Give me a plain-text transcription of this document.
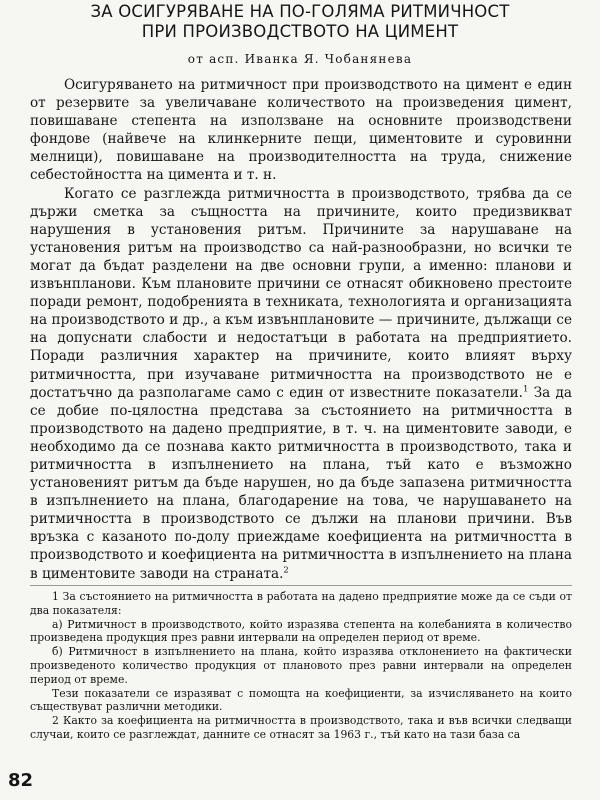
ЗА ОСИГУРЯВАНЕ НА ПО-ГОЛЯМА РИТМИЧНОСТ
ПРИ ПРОИЗВОДСТВОТО НА ЦИМЕНТ
от асп. Иванка Я. Чобанянева

Осигуряването на ритмичност при производството на цимент е един от резервите за увеличаване количеството на произведения цимент, повишаване степента на използване на основните производствени фондове (найвече на клинкерните пещи, циментовите и суровинни мелници), повишаване на производителността на труда, снижение себестойността на цимента и т. н.

Когато се разглежда ритмичността в производството, трябва да се държи сметка за същността на причините, които предизвикват нарушения в установения ритъм. Причините за нарушаване на установения ритъм на производство са най-разнообразни, но всички те могат да бъдат разделени на две основни групи, а именно: планови и извънпланови. Към плановите причини се отнасят обикновено престоите поради ремонт, подобренията в техниката, технологията и организацията на производството и др., а към извънплановите — причините, дължащи се на допуснати слабости и недостатъци в работата на предприятието. Поради различния характер на причините, които влияят върху ритмичността, при изучаване ритмичността на производството не е достатъчно да разполагаме само с един от известните показатели.$^1$ За да се добие по-цялостна представа за състоянието на ритмичността в производството на дадено предприятие, в т. ч. на циментовите заводи, е необходимо да се познава както ритмичността в производството, така и ритмичността в изпълнението на плана, тъй като е възможно установеният ритъм да бъде нарушен, но да бъде запазена ритмичността в изпълнението на плана, благодарение на това, че нарушаването на ритмичността в производството се дължи на планови причини. Във връзка с казаното по-долу приеждаме коефициента на ритмичността в производството и коефициента на ритмичността в изпълнението на плана в циментовите заводи на страната.$^2$

1 За състоянието на ритмичността в работата на дадено предприятие може да се съди от два показателя:

а) Ритмичност в производството, който изразява степента на колебанията в количество произведена продукция през равни интервали на определен период от време.

б) Ритмичност в изпълнението на плана, който изразява отклонението на фактически произведеното количество продукция от плановото през равни интервали на определен период от време.

Тези показатели се изразяват с помощта на коефициенти, за изчисляването на които съществуват различни методики.

2 Както за коефициента на ритмичността в производството, така и във всички следващи случаи, които се разглеждат, данните се отнасят за 1963 г., тъй като на тази база са

82
